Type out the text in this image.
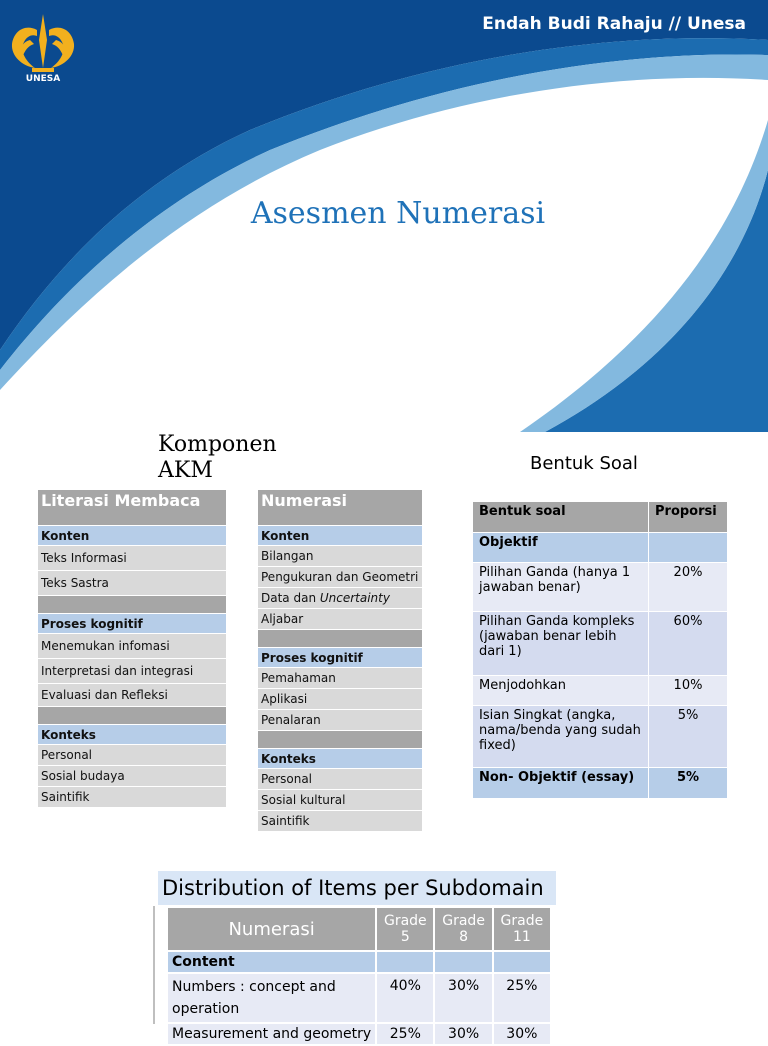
UNESA
Endah Budi Rahaju // Unesa
Asesmen Numerasi
Komponen
AKM
Literasi Membaca
Konten
Teks Informasi
Teks Sastra

Proses kognitif
Menemukan infomasi
Interpretasi dan integrasi
Evaluasi dan Refleksi

Konteks
Personal
Sosial budaya
Saintifik
Numerasi
Konten
Bilangan
Pengukuran dan Geometri
Data dan Uncertainty
Aljabar

Proses kognitif
Pemahaman
Aplikasi
Penalaran

Konteks
Personal
Sosial kultural
Saintifik
Bentuk Soal
Bentuk soal	Proporsi
Objektif	
Pilihan Ganda (hanya 1 jawaban benar)	20%
Pilihan Ganda kompleks (jawaban benar lebih dari 1)	60%
Menjodohkan	10%
Isian Singkat (angka, nama/benda yang sudah fixed)	5%
Non- Objektif (essay)	5%
Distribution of Items per Subdomain
Numerasi	Grade 5	Grade 8	Grade 11
Content			
Numbers : concept and operation	40%	30%	25%
Measurement and geometry	25%	30%	30%
